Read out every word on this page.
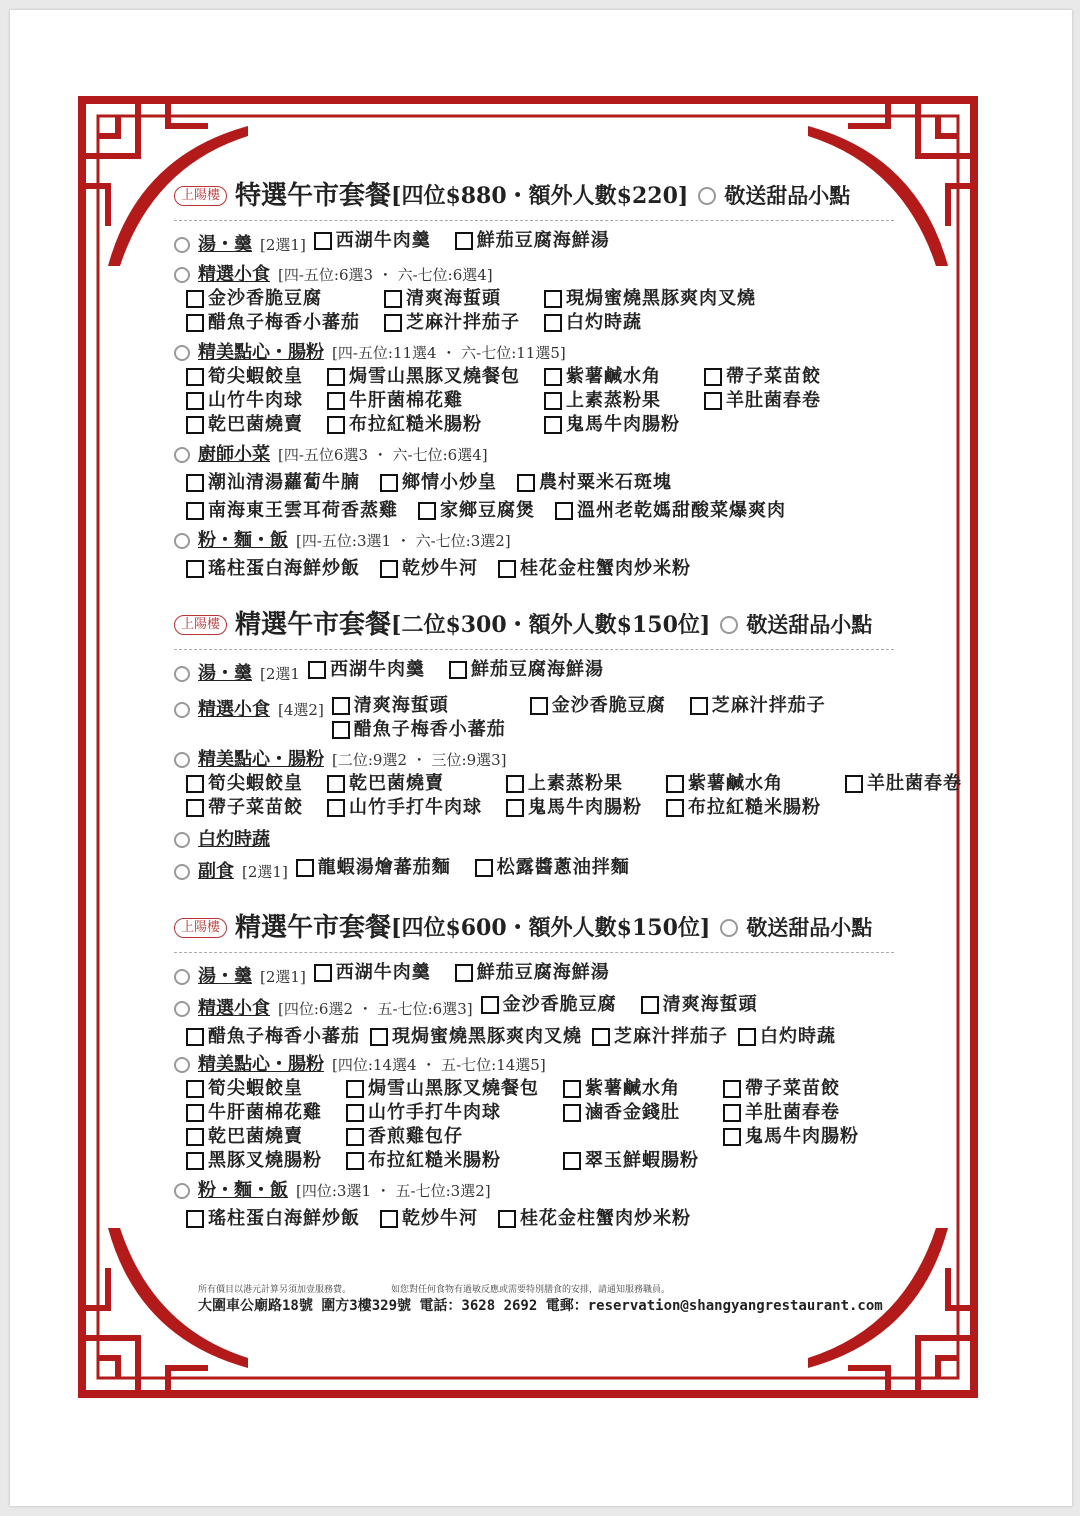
上陽樓 特選午市套餐 [四位$880・額外人數$220] 敬送甜品小點
湯・羹 [2選1] 西湖牛肉羹	鮮茄豆腐海鮮湯
精選小食 [四-五位:6選3 ・ 六-七位:6選4]
金沙香脆豆腐
醋魚子梅香小蕃茄
清爽海蜇頭
芝麻汁拌茄子
現焗蜜燒黑豚爽肉叉燒
白灼時蔬
精美點心・腸粉 [四-五位:11選4 ・ 六-七位:11選5]
筍尖蝦餃皇
山竹牛肉球
乾巴菌燒賣
焗雪山黑豚叉燒餐包
牛肝菌棉花雞
布拉紅糙米腸粉
紫薯鹹水角
上素蒸粉果
鬼馬牛肉腸粉
帶子菜苗餃
羊肚菌春卷
廚師小菜 [四-五位6選3 ・ 六-七位:6選4]
潮汕清湯蘿蔔牛腩 鄉情小炒皇 農村粟米石斑塊
南海東王雲耳荷香蒸雞 家鄉豆腐煲 溫州老乾媽甜酸菜爆爽肉
粉・麵・飯 [四-五位:3選1 ・ 六-七位:3選2]
瑤柱蛋白海鮮炒飯 乾炒牛河 桂花金柱蟹肉炒米粉
上陽樓 精選午市套餐 [二位$300・額外人數$150位] 敬送甜品小點
湯・羹 [2選1 西湖牛肉羹	鮮茄豆腐海鮮湯
精選小食 [4選2] 清爽海蜇頭
醋魚子梅香小蕃茄
金沙香脆豆腐	芝麻汁拌茄子
精美點心・腸粉 [二位:9選2 ・ 三位:9選3]
筍尖蝦餃皇
帶子菜苗餃
乾巴菌燒賣
山竹手打牛肉球
上素蒸粉果
鬼馬牛肉腸粉
紫薯鹹水角
布拉紅糙米腸粉
羊肚菌春卷
白灼時蔬
副食 [2選1] 龍蝦湯燴蕃茄麵	松露醬蔥油拌麵
上陽樓 精選午市套餐 [四位$600・額外人數$150位] 敬送甜品小點
湯・羹 [2選1] 西湖牛肉羹	鮮茄豆腐海鮮湯
精選小食 [四位:6選2 ・ 五-七位:6選3] 金沙香脆豆腐	清爽海蜇頭
醋魚子梅香小蕃茄 現焗蜜燒黑豚爽肉叉燒 芝麻汁拌茄子 白灼時蔬
精美點心・腸粉 [四位:14選4 ・ 五-七位:14選5]
筍尖蝦餃皇
牛肝菌棉花雞
乾巴菌燒賣
黑豚叉燒腸粉
焗雪山黑豚叉燒餐包
山竹手打牛肉球
香煎雞包仔
布拉紅糙米腸粉
紫薯鹹水角
滷香金錢肚
翠玉鮮蝦腸粉
帶子菜苗餃
羊肚菌春卷
鬼馬牛肉腸粉
粉・麵・飯 [四位:3選1 ・ 五-七位:3選2]
瑤柱蛋白海鮮炒飯 乾炒牛河 桂花金柱蟹肉炒米粉
所有價目以港元計算另須加壹服務費。	如您對任何食物有過敏反應或需要特別膳食的安排，請通知服務職員。
大圍車公廟路18號 圍方3樓329號 電話：3628 2692 電郵：reservation@shangyangrestaurant.com
